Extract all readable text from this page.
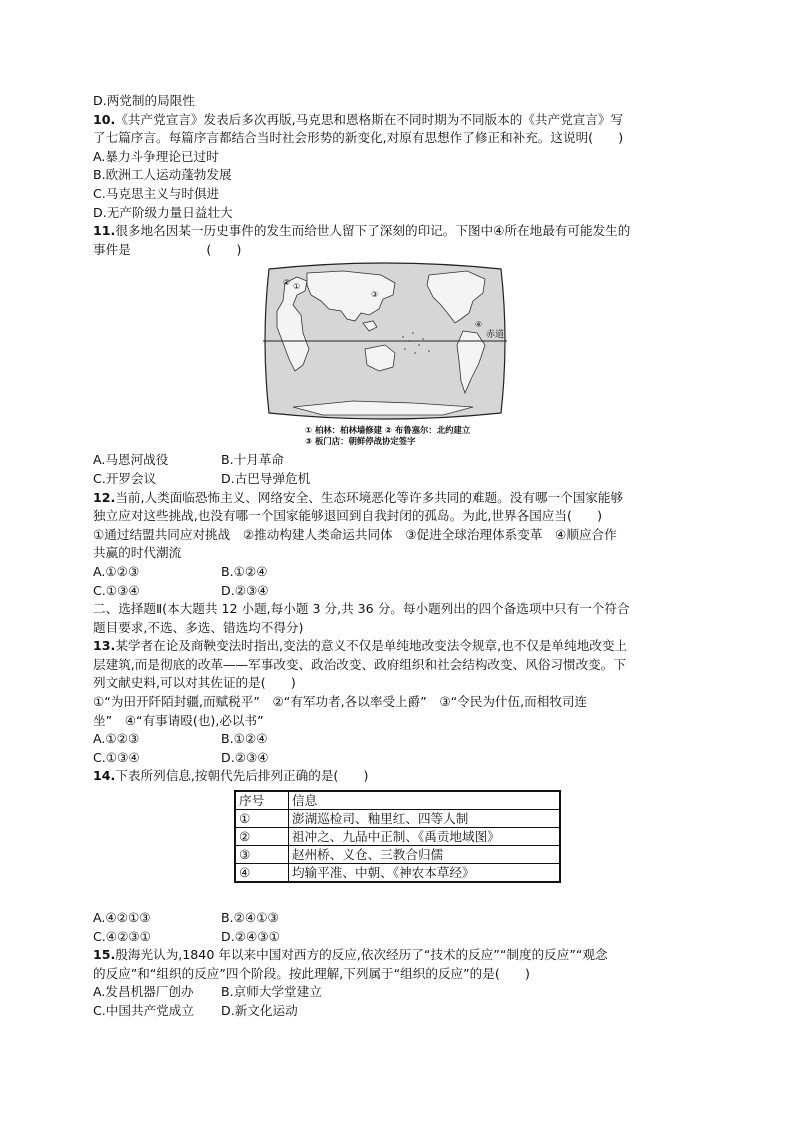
D.两党制的局限性
10.《共产党宣言》发表后多次再版,马克思和恩格斯在不同时期为不同版本的《共产党宣言》写
了七篇序言。每篇序言都结合当时社会形势的新变化,对原有思想作了修正和补充。这说明(　　)
A.暴力斗争理论已过时
B.欧洲工人运动蓬勃发展
C.马克思主义与时俱进
D.无产阶级力量日益壮大
11.很多地名因某一历史事件的发生而给世人留下了深刻的印记。下图中④所在地最有可能发生的
事件是　　　　　　(　　)
赤道
①
②
③
④
① 柏林：柏林墙修建 ② 布鲁塞尔：北约建立
③ 板门店：朝鲜停战协定签字
A.马恩河战役	B.十月革命
C.开罗会议	D.古巴导弹危机
12.当前,人类面临恐怖主义、网络安全、生态环境恶化等许多共同的难题。没有哪一个国家能够
独立应对这些挑战,也没有哪一个国家能够退回到自我封闭的孤岛。为此,世界各国应当(　　)
①通过结盟共同应对挑战　②推动构建人类命运共同体　③促进全球治理体系变革　④顺应合作
共赢的时代潮流
A.①②③	B.①②④
C.①③④	D.②③④
二、选择题Ⅱ(本大题共 12 小题,每小题 3 分,共 36 分。每小题列出的四个备选项中只有一个符合
题目要求,不选、多选、错选均不得分)
13.某学者在论及商鞅变法时指出,变法的意义不仅是单纯地改变法令规章,也不仅是单纯地改变上
层建筑,而是彻底的改革——军事改变、政治改变、政府组织和社会结构改变、风俗习惯改变。下
列文献史料,可以对其佐证的是(　　)
①“为田开阡陌封疆,而赋税平”　②“有军功者,各以率受上爵”　③“令民为什伍,而相牧司连
坐”　④“有事请殴(也),必以书”
A.①②③	B.①②④
C.①③④	D.②③④
14.下表所列信息,按朝代先后排列正确的是(　　)
序号	信息
①	澎湖巡检司、釉里红、四等人制
②	祖冲之、九品中正制、《禹贡地域图》
③	赵州桥、义仓、三教合归儒
④	均输平准、中朝、《神农本草经》
A.④②①③	B.②④①③
C.④②③①	D.②④③①
15.殷海光认为,1840 年以来中国对西方的反应,依次经历了“技术的反应”“制度的反应”“观念
的反应”和“组织的反应”四个阶段。按此理解,下列属于“组织的反应”的是(　　)
A.发昌机器厂创办	B.京师大学堂建立
C.中国共产党成立	D.新文化运动
